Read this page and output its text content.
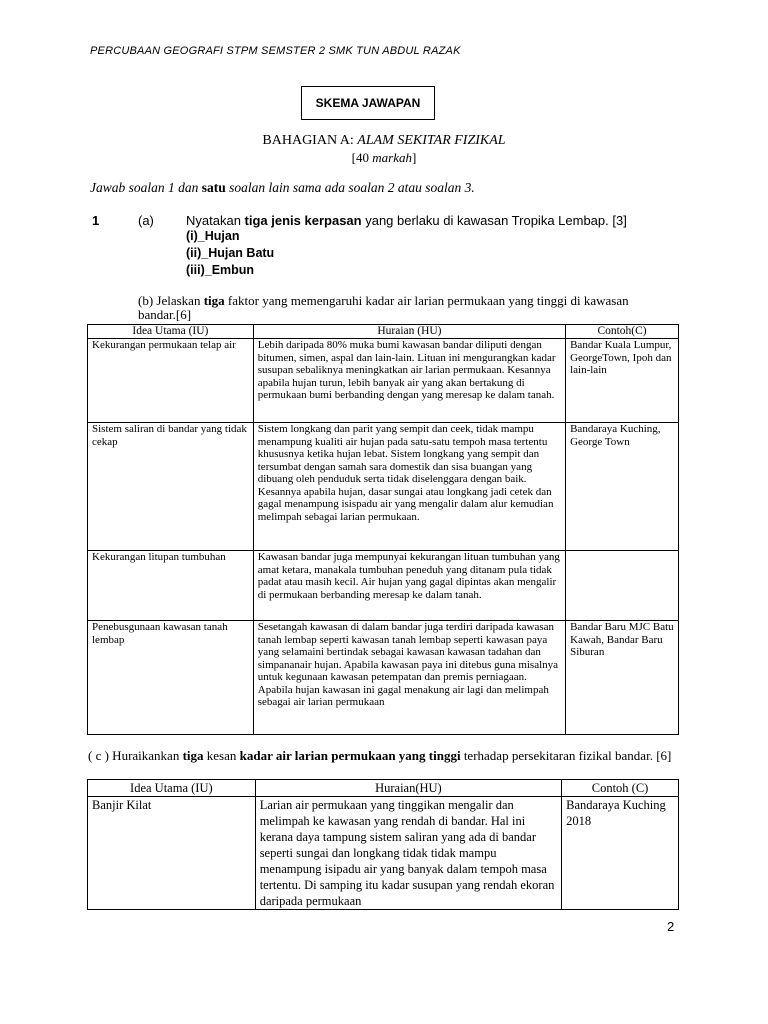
PERCUBAAN GEOGRAFI STPM SEMSTER 2 SMK TUN ABDUL RAZAK
SKEMA JAWAPAN
BAHAGIAN A: ALAM SEKITAR FIZIKAL
[40 markah]
Jawab soalan 1 dan satu soalan lain sama ada soalan 2 atau soalan 3.
1	(a) Nyatakan tiga jenis kerpasan yang berlaku di kawasan Tropika Lembap. [3]
(i)_Hujan
(ii)_Hujan Batu
(iii)_Embun
(b) Jelaskan tiga faktor yang memengaruhi kadar air larian permukaan yang tinggi di kawasan bandar.[6]
Idea Utama (IU)	Huraian (HU)	Contoh(C)
Kekurangan permukaan telap air	Lebih daripada 80% muka bumi kawasan bandar diliputi dengan bitumen, simen, aspal dan lain-lain. Lituan ini mengurangkan kadar susupan sebaliknya meningkatkan air larian permukaan. Kesannya apabila hujan turun, lebih banyak air yang akan bertakung di permukaan bumi berbanding dengan yang meresap ke dalam tanah.	Bandar Kuala Lumpur, GeorgeTown, Ipoh dan lain-lain
Sistem saliran di bandar yang tidak cekap	Sistem longkang dan parit yang sempit dan ceek, tidak mampu menampung kualiti air hujan pada satu-satu tempoh masa tertentu khususnya ketika hujan lebat. Sistem longkang yang sempit dan tersumbat dengan samah sara domestik dan sisa buangan yang dibuang oleh penduduk serta tidak diselenggara dengan baik. Kesannya apabila hujan, dasar sungai atau longkang jadi cetek dan gagal menampung isispadu air yang mengalir dalam alur kemudian melimpah sebagai larian permukaan.	Bandaraya Kuching, George Town
Kekurangan litupan tumbuhan	Kawasan bandar juga mempunyai kekurangan lituan tumbuhan yang amat ketara, manakala tumbuhan peneduh yang ditanam pula tidak padat atau masih kecil. Air hujan yang gagal dipintas akan mengalir di permukaan berbanding meresap ke dalam tanah.	
Penebusgunaan kawasan tanah lembap	Sesetangah kawasan di dalam bandar juga terdiri daripada kawasan tanah lembap seperti kawasan tanah lembap seperti kawasan paya yang selamaini bertindak sebagai kawasan kawasan tadahan dan simpananair hujan. Apabila kawasan paya ini ditebus guna misalnya untuk kegunaan kawasan petempatan dan premis perniagaan. Apabila hujan kawasan ini gagal menakung air lagi dan melimpah sebagai air larian permukaan	Bandar Baru MJC Batu Kawah, Bandar Baru Siburan
( c ) Huraikankan tiga kesan kadar air larian permukaan yang tinggi terhadap persekitaran fizikal bandar. [6]
Idea Utama (IU)	Huraian(HU)	Contoh (C)
Banjir Kilat	Larian air permukaan yang tinggikan mengalir dan melimpah ke kawasan yang rendah di bandar. Hal ini kerana daya tampung sistem saliran yang ada di bandar seperti sungai dan longkang tidak tidak mampu menampung isipadu air yang banyak dalam tempoh masa tertentu. Di samping itu kadar susupan yang rendah ekoran daripada permukaan	Bandaraya Kuching 2018
2
